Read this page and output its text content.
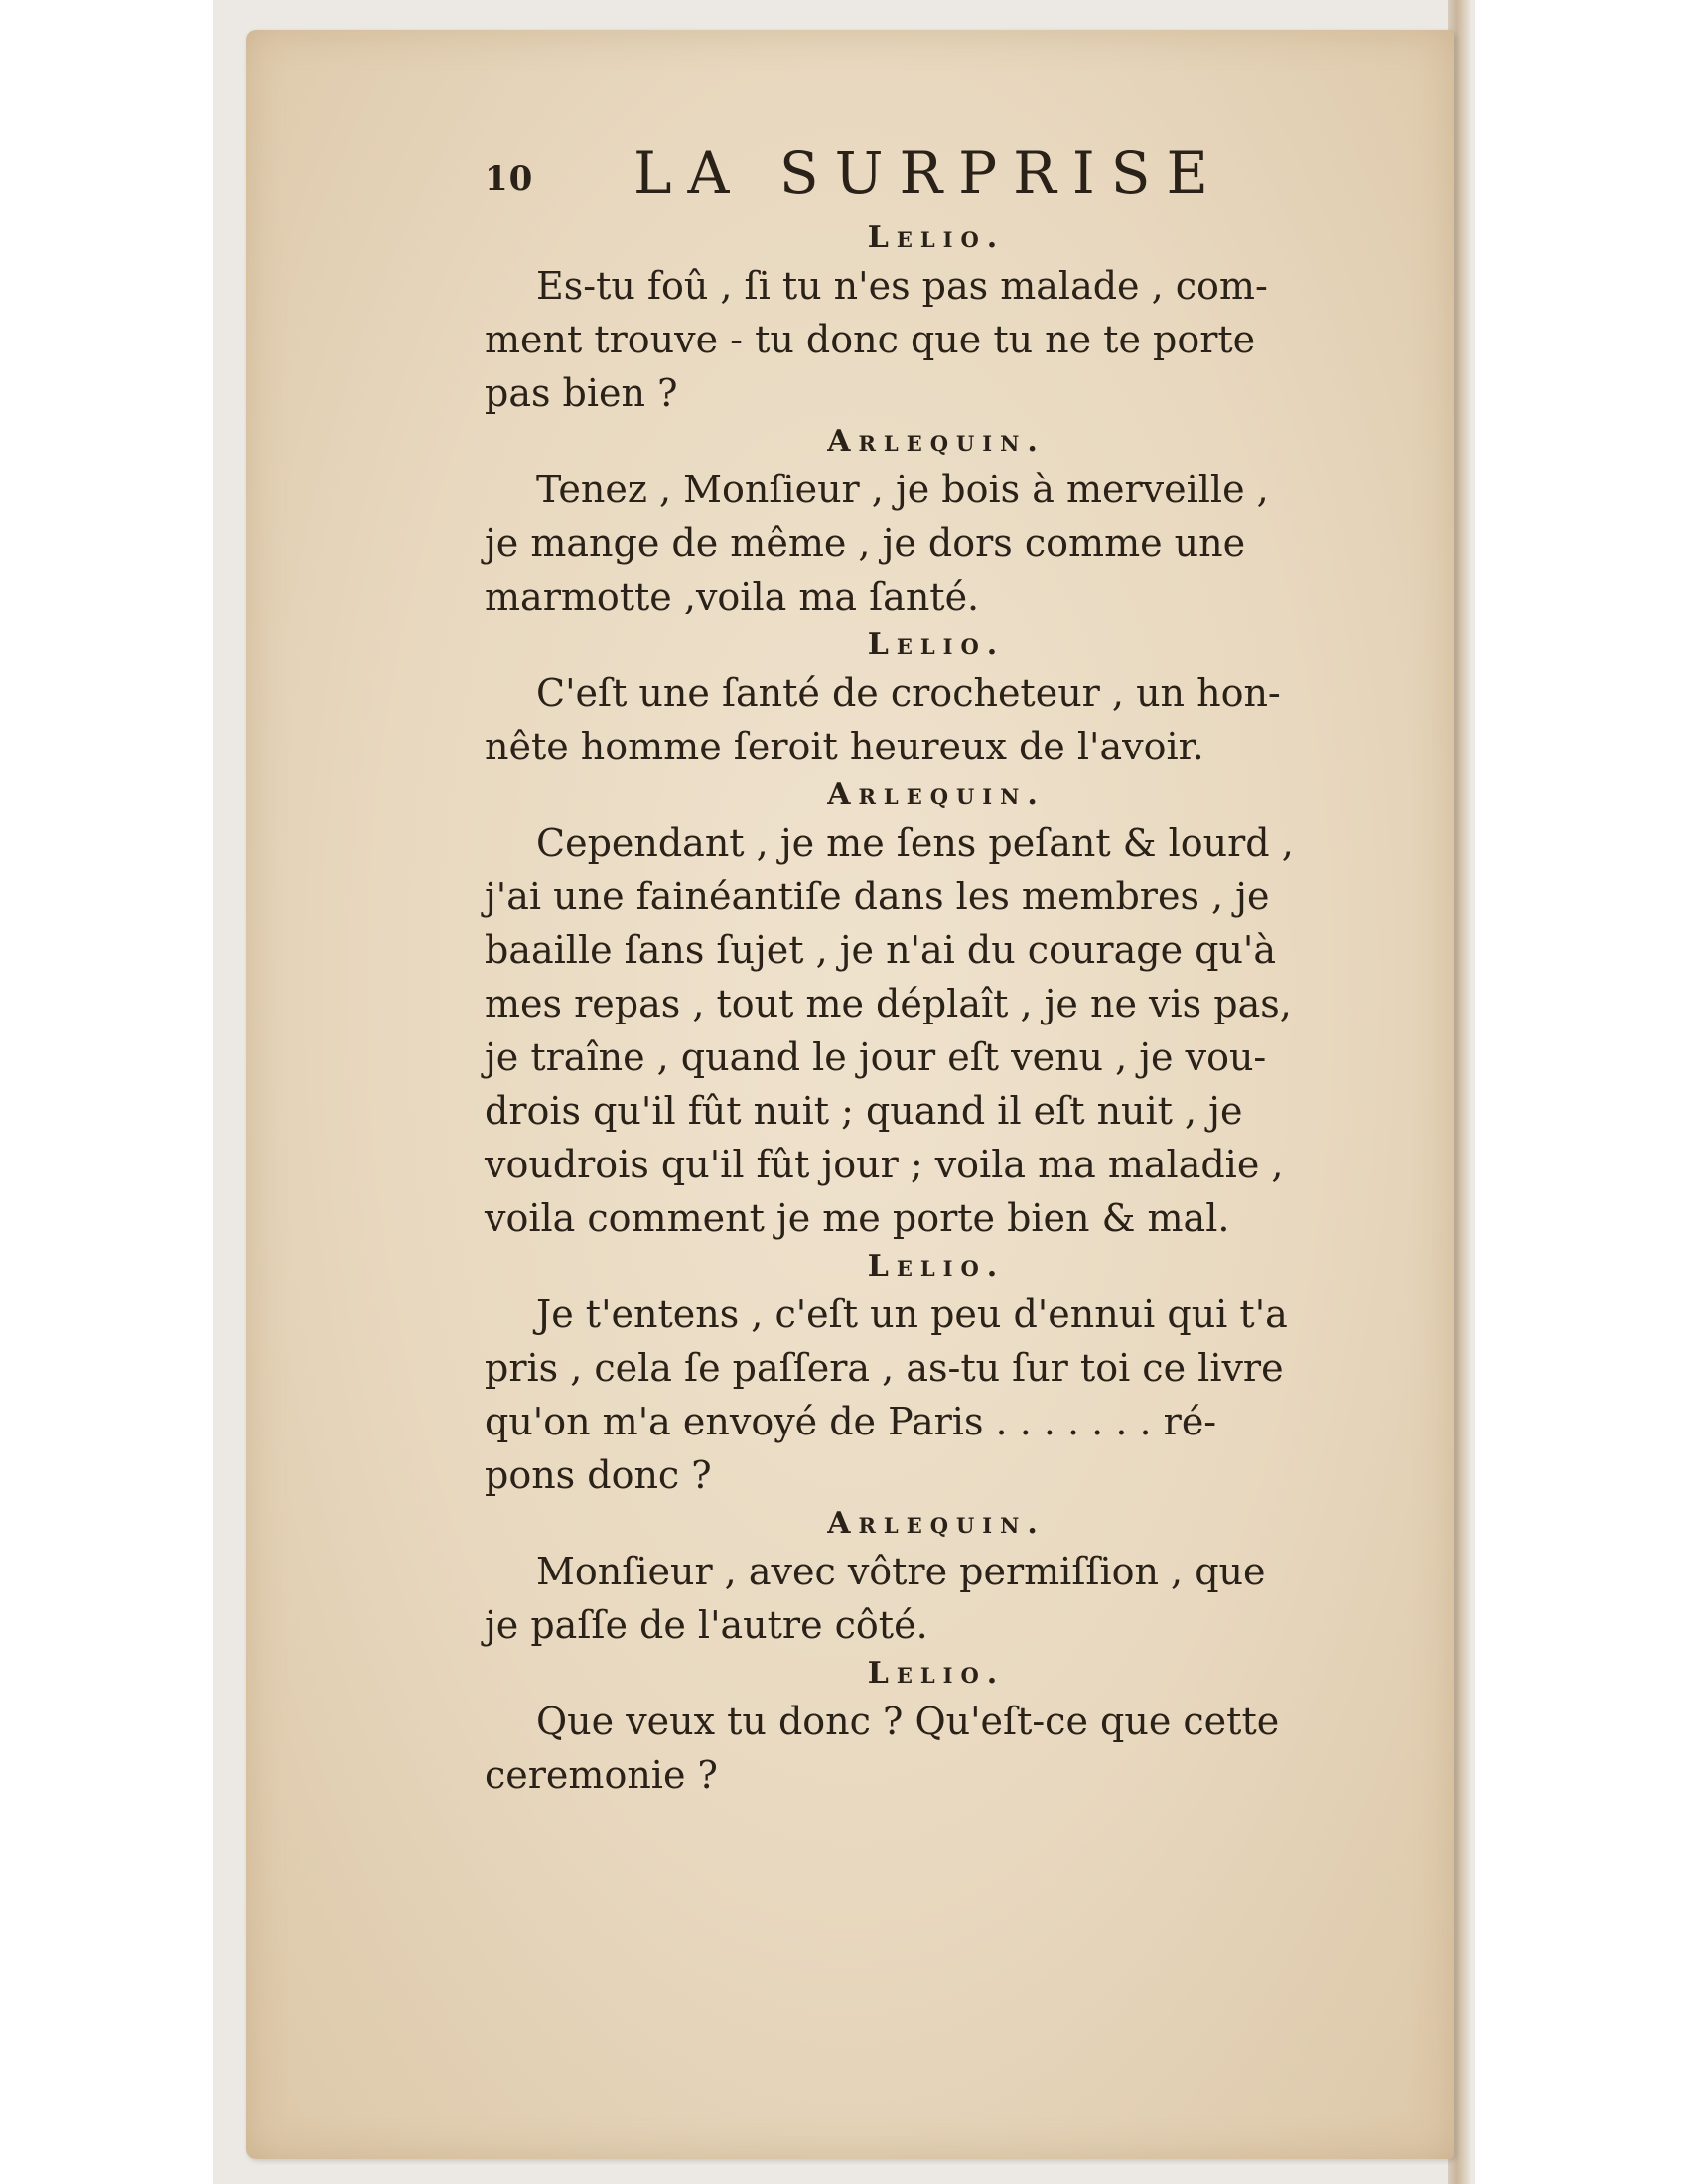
10 LA SURPRISE
Lelio.
Es-tu foû , ſi tu n'es pas malade , com-
ment trouve - tu donc que tu ne te porte
pas bien ?
Arlequin.
Tenez , Monſieur , je bois à merveille ,
je mange de même , je dors comme une
marmotte ,voila ma ſanté.
Lelio.
C'eſt une ſanté de crocheteur , un hon-
nête homme ſeroit heureux de l'avoir.
Arlequin.
Cependant , je me ſens peſant & lourd ,
j'ai une fainéantiſe dans les membres , je
baaille ſans ſujet , je n'ai du courage qu'à
mes repas , tout me déplaît , je ne vis pas,
je traîne , quand le jour eſt venu , je vou-
drois qu'il fût nuit ; quand il eſt nuit , je
voudrois qu'il fût jour ; voila ma maladie ,
voila comment je me porte bien & mal.
Lelio.
Je t'entens , c'eſt un peu d'ennui qui t'a
pris , cela ſe paſſera , as-tu ſur toi ce livre
qu'on m'a envoyé de Paris . . . . . . . ré-
pons donc ?
Arlequin.
Monſieur , avec vôtre permiſſion , que
je paſſe de l'autre côté.
Lelio.
Que veux tu donc ? Qu'eſt-ce que cette
ceremonie ?
